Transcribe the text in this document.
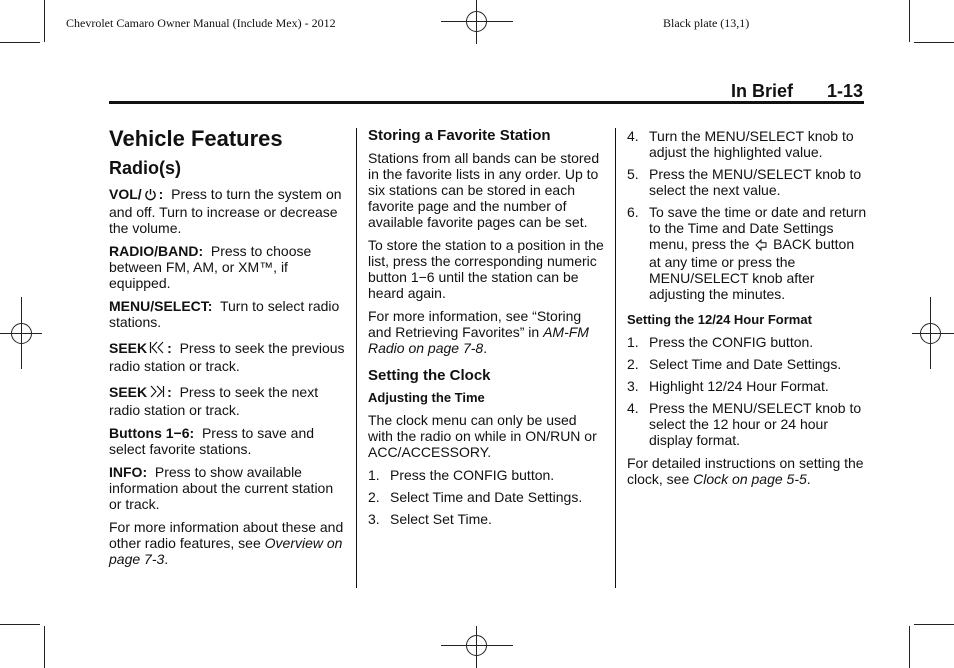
Chevrolet Camaro Owner Manual (Include Mex) - 2012	Black plate (13,1)
In Brief 1-13
Vehicle Features
Radio(s)

VOL/ : Press to turn the system on and off. Turn to increase or decrease the volume.

RADIO/BAND: Press to choose between FM, AM, or XM™, if equipped.

MENU/SELECT: Turn to select radio stations.

SEEK : Press to seek the previous radio station or track.

SEEK : Press to seek the next radio station or track.

Buttons 1−6: Press to save and select favorite stations.

INFO: Press to show available information about the current station or track.

For more information about these and other radio features, see Overview on page 7-3.

Storing a Favorite Station

Stations from all bands can be stored in the favorite lists in any order. Up to six stations can be stored in each favorite page and the number of available favorite pages can be set.

To store the station to a position in the list, press the corresponding numeric button 1−6 until the station can be heard again.

For more information, see “Storing and Retrieving Favorites” in AM-FM Radio on page 7-8.

Setting the Clock
Adjusting the Time

The clock menu can only be used with the radio on while in ON/RUN or ACC/ACCESSORY.

1. Press the CONFIG button.
2. Select Time and Date Settings.
3. Select Set Time.
4. Turn the MENU/SELECT knob to adjust the highlighted value.
5. Press the MENU/SELECT knob to select the next value.
6. To save the time or date and return to the Time and Date Settings menu, press the BACK button at any time or press the MENU/SELECT knob after adjusting the minutes.
Setting the 12/24 Hour Format
1. Press the CONFIG button.
2. Select Time and Date Settings.
3. Highlight 12/24 Hour Format.
4. Press the MENU/SELECT knob to select the 12 hour or 24 hour display format.

For detailed instructions on setting the clock, see Clock on page 5-5.
